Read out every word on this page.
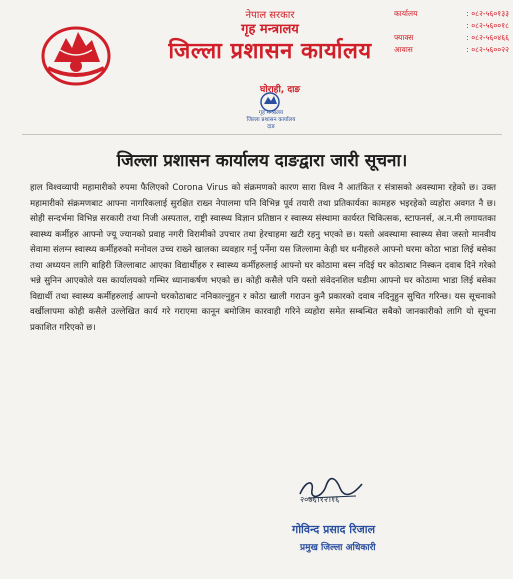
नेपाल सरकार
गृह मन्त्रालय
जिल्ला प्रशासन कार्यालय
घोराही, दाङ
कार्यालय	: ०८२-५६०१३३
: ०८२-५६००१८
फ्याक्स	: ०८२-५६०४६६
आवास	: ०८२-५६००२२
गृह मन्त्रालय
जिल्ला प्रशासन कार्यालय
दाङ
जिल्ला प्रशासन कार्यालय दाङद्वारा जारी सूचना।

हाल विश्वव्यापी महामारीको रुपमा फैलिएको Corona Virus को संक्रमणको कारण सारा विश्व नै आतंकित र संत्रासको अवस्थामा रहेको छ। उक्त महामारीको संक्रमणबाट आफ्ना नागरिकलाई सुरक्षित राख्न नेपालमा पनि विभिन्न पूर्व तयारी तथा प्रतिकार्यका कामहरु भइरहेको व्यहोरा अवगत नै छ। सोही सन्दर्भमा विभिन्न सरकारी तथा निजी अस्पताल, राष्ट्री स्वास्थ्य विज्ञान प्रतिष्ठान र स्वास्थ्य संस्थामा कार्यरत चिकित्सक, स्टाफनर्स, अ.न.मी लगायतका स्वास्थ्य कर्मीहरु आफ्नो ज्यू ज्यानको प्रवाह नगरी विरामीको उपचार तथा हेरचाहमा खटी रहनु भएको छ। यस्तो अवस्थामा स्वास्थ्य सेवा जस्तो मानवीय सेवामा संलग्न स्वास्थ्य कर्मीहरुको मनोवल उच्च राख्ने खालका व्यवहार गर्नु पर्नेमा यस जिल्लामा केही घर धनीहरुले आफ्नो घरमा कोठा भाडा लिई बसेका तथा अध्ययन लागि बाहिरी जिल्लाबाट आएका विद्यार्थीहरु र स्वास्थ्य कर्मीहरुलाई आफ्नो घर कोठामा बस्न नदिई घर कोठाबाट निस्कन दवाब दिने गरेको भन्ने सुनिन आएकोले यस कार्यालयको गम्भिर ध्यानाकर्षण भएको छ। कोही कसैले पनि यस्तो संवेदनशिल घडीमा आफ्नो घर कोठामा भाडा लिई बसेका विद्यार्थी तथा स्वास्थ्य कर्मीहरुलाई आफ्नो घरकोठाबाट ननिकाल्नुहुन र कोठा खाली गराउन कुनै प्रकारको दवाब नदिनुहुन सुचित गरिन्छ। यस सूचनाको वर्खीलापमा कोही कसैले उल्लेखित कार्य गरे गराएमा कानून बमोजिम कारवाही गरिने व्यहोरा समेत सम्बन्धित सबैको जानकारीको लागि यो सूचना प्रकाशित गरिएको छ।

२०७६।१२।१६
गोविन्द प्रसाद रिजाल
प्रमुख जिल्ला अधिकारी
